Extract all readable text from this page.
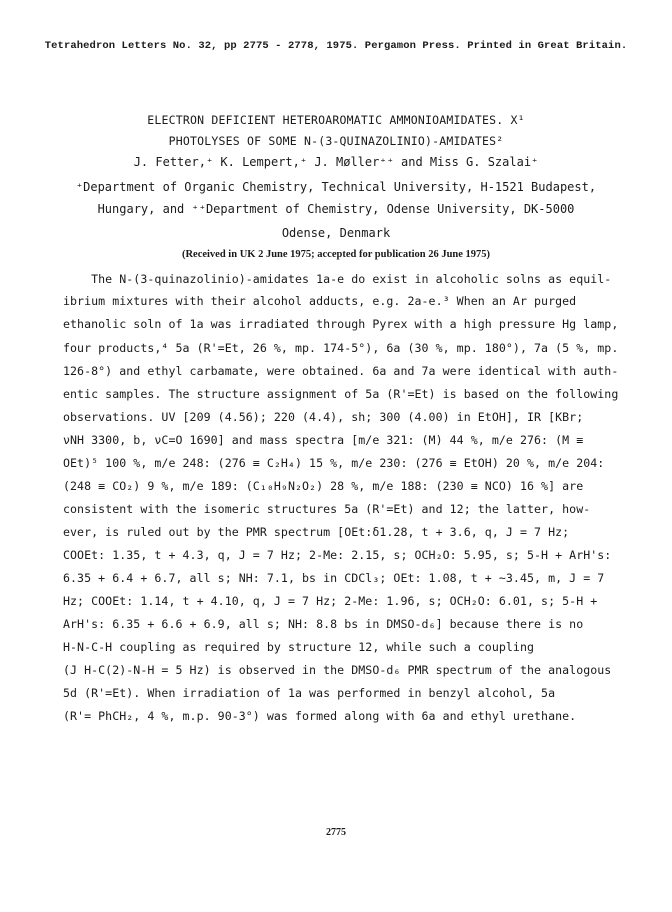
Tetrahedron Letters No. 32, pp 2775 - 2778, 1975. Pergamon Press. Printed in Great Britain.
ELECTRON DEFICIENT HETEROAROMATIC AMMONIOAMIDATES. X¹
PHOTOLYSES OF SOME N-(3-QUINAZOLINIO)-AMIDATES²
J. Fetter,⁺ K. Lempert,⁺ J. Møller⁺⁺ and Miss G. Szalai⁺
⁺Department of Organic Chemistry, Technical University, H-1521 Budapest,
Hungary, and ⁺⁺Department of Chemistry, Odense University, DK-5000
Odense, Denmark
(Received in UK 2 June 1975; accepted for publication 26 June 1975)
The N-(3-quinazolinio)-amidates 1a-e do exist in alcoholic solns as equil-
ibrium mixtures with their alcohol adducts, e.g. 2a-e.³ When an Ar purged
ethanolic soln of 1a was irradiated through Pyrex with a high pressure Hg lamp,
four products,⁴ 5a (R'=Et, 26 %, mp. 174-5°), 6a (30 %, mp. 180°), 7a (5 %, mp.
126-8°) and ethyl carbamate, were obtained. 6a and 7a were identical with auth-
entic samples. The structure assignment of 5a (R'=Et) is based on the following
observations. UV [209 (4.56); 220 (4.4), sh; 300 (4.00) in EtOH], IR [KBr;
νNH 3300, b, νC=O 1690] and mass spectra [m/e 321: (M) 44 %, m/e 276: (M ≡
OEt)⁵ 100 %, m/e 248: (276 ≡ C₂H₄) 15 %, m/e 230: (276 ≡ EtOH) 20 %, m/e 204:
(248 ≡ CO₂) 9 %, m/e 189: (C₁₀H₉N₂O₂) 28 %, m/e 188: (230 ≡ NCO) 16 %] are
consistent with the isomeric structures 5a (R'=Et) and 12; the latter, how-
ever, is ruled out by the PMR spectrum [OEt:δ1.28, t + 3.6, q, J = 7 Hz;
COOEt: 1.35, t + 4.3, q, J = 7 Hz; 2-Me: 2.15, s; OCH₂O: 5.95, s; 5-H + ArH's:
6.35 + 6.4 + 6.7, all s; NH: 7.1, bs in CDCl₃; OEt: 1.08, t + ~3.45, m, J = 7
Hz; COOEt: 1.14, t + 4.10, q, J = 7 Hz; 2-Me: 1.96, s; OCH₂O: 6.01, s; 5-H +
ArH's: 6.35 + 6.6 + 6.9, all s; NH: 8.8 bs in DMSO-d₆] because there is no
H-N-C-H coupling as required by structure 12, while such a coupling
(J H-C(2)-N-H = 5 Hz) is observed in the DMSO-d₆ PMR spectrum of the analogous
5d (R'=Et). When irradiation of 1a was performed in benzyl alcohol, 5a
(R'= PhCH₂, 4 %, m.p. 90-3°) was formed along with 6a and ethyl urethane.
2775
